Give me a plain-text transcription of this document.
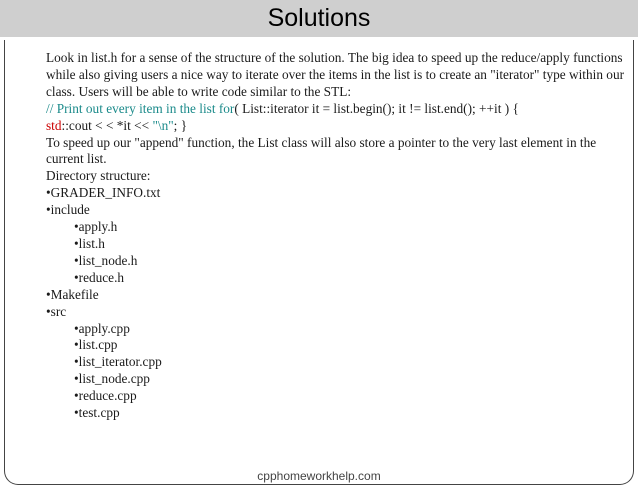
Solutions
Look in list.h for a sense of the structure of the solution. The big idea to speed up the reduce/apply functions while also giving users a nice way to iterate over the items in the list is to create an "iterator" type within our class. Users will be able to write code similar to the STL:
// Print out every item in the list for( List::iterator it = list.begin(); it != list.end(); ++it ) {
std::cout < < *it << "\n"; }
To speed up our "append" function, the List class will also store a pointer to the very last element in the current list.
Directory structure:
•GRADER_INFO.txt
•include
•apply.h
•list.h
•list_node.h
•reduce.h
•Makefile
•src
•apply.cpp
•list.cpp
•list_iterator.cpp
•list_node.cpp
•reduce.cpp
•test.cpp
cpphomeworkhelp.com
